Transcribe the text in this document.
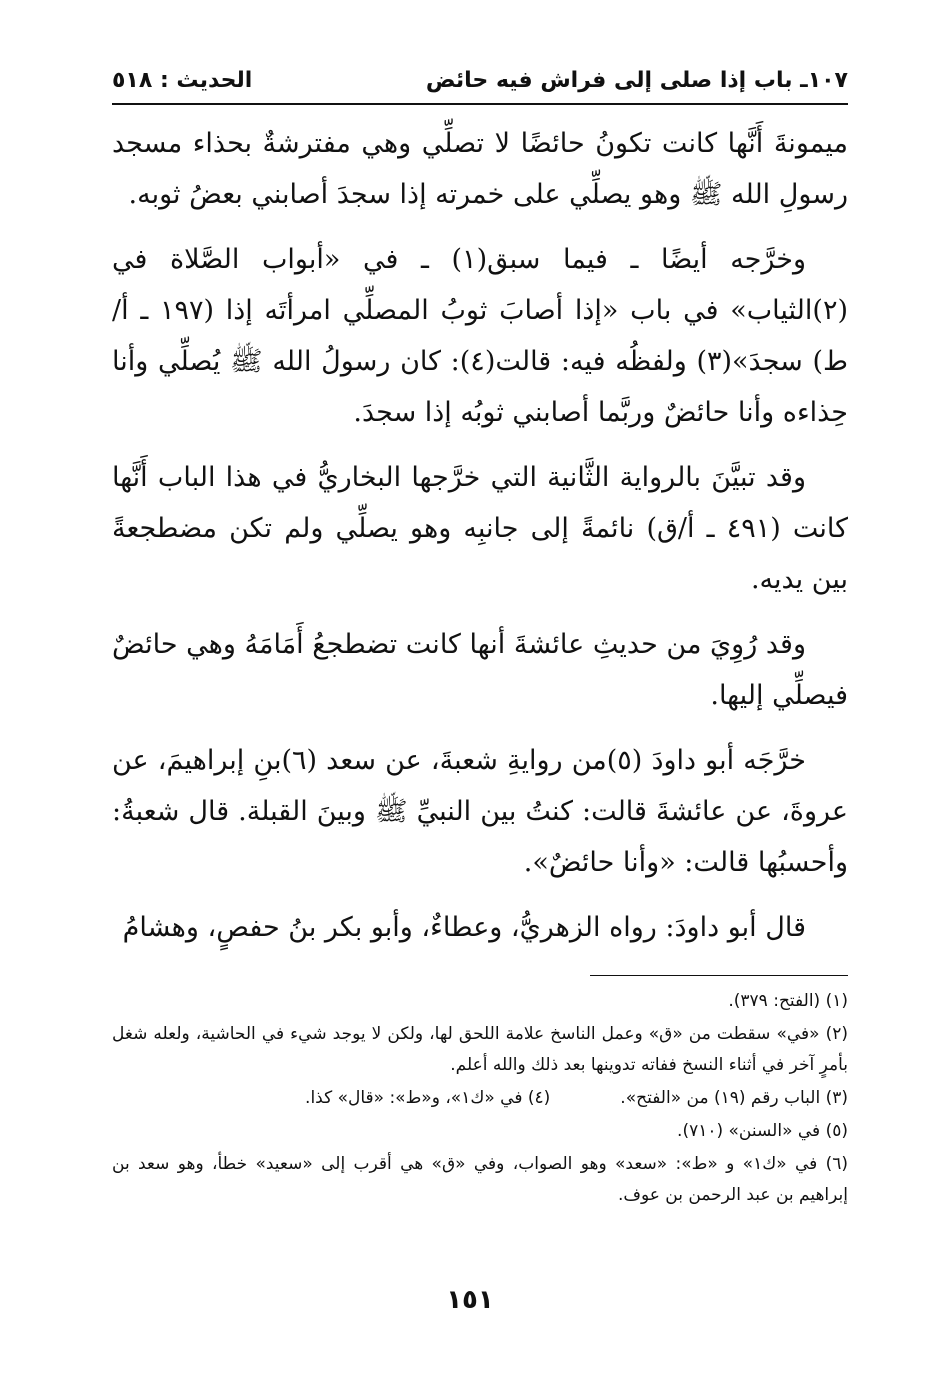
١٠٧ـ باب إذا صلى إلى فراش فيه حائض
الحديث : ٥١٨

ميمونةَ أَنَّها كانت تكونُ حائضًا لا تصلِّي وهي مفترشةٌ بحذاء مسجد رسولِ الله ﷺ وهو يصلِّي على خمرته إذا سجدَ أصابني بعضُ ثوبه.

وخرَّجه أيضًا ـ فيما سبق(١) ـ في «أبواب الصَّلاة في (٢)الثياب» في باب «إذا أصابَ ثوبُ المصلِّي امرأتَه إذا (١٩٧ ـ أ/ط) سجدَ»(٣) ولفظُه فيه: قالت(٤): كان رسولُ الله ﷺ يُصلِّي وأنا حِذاءه وأنا حائضٌ وربَّما أصابني ثوبُه إذا سجدَ.

وقد تبيَّنَ بالرواية الثَّانية التي خرَّجها البخاريُّ في هذا الباب أَنَّها كانت (٤٩١ ـ أ/ق) نائمةً إلى جانبِه وهو يصلِّي ولم تكن مضطجعةً بين يديه.

وقد رُوِيَ من حديثِ عائشةَ أنها كانت تضطجعُ أَمَامَهُ وهي حائضٌ فيصلِّي إليها.

خرَّجَه أبو داودَ (٥)من روايةِ شعبةَ، عن سعد (٦)بنِ إبراهيمَ، عن عروةَ، عن عائشةَ قالت: كنتُ بين النبيِّ ﷺ وبينَ القبلة. قال شعبةُ: وأحسبُها قالت: «وأنا حائضٌ».

قال أبو داودَ: رواه الزهريُّ، وعطاءٌ، وأبو بكر بنُ حفصٍ، وهشامُ

(١) (الفتح: ٣٧٩).
(٢) «في» سقطت من «ق» وعمل الناسخ علامة اللحق لها، ولكن لا يوجد شيء في الحاشية، ولعله شغل بأمرٍ آخر في أثناء النسخ ففاته تدوينها بعد ذلك والله أعلم.
(٣) الباب رقم (١٩) من «الفتح».
(٤) في «ك١»، و«ط»: «قال» كذا.
(٥) في «السنن» (٧١٠).
(٦) في «ك١» و «ط»: «سعد» وهو الصواب، وفي «ق» هي أقرب إلى «سعيد» خطأ، وهو سعد بن إبراهيم بن عبد الرحمن بن عوف.
١٥١
